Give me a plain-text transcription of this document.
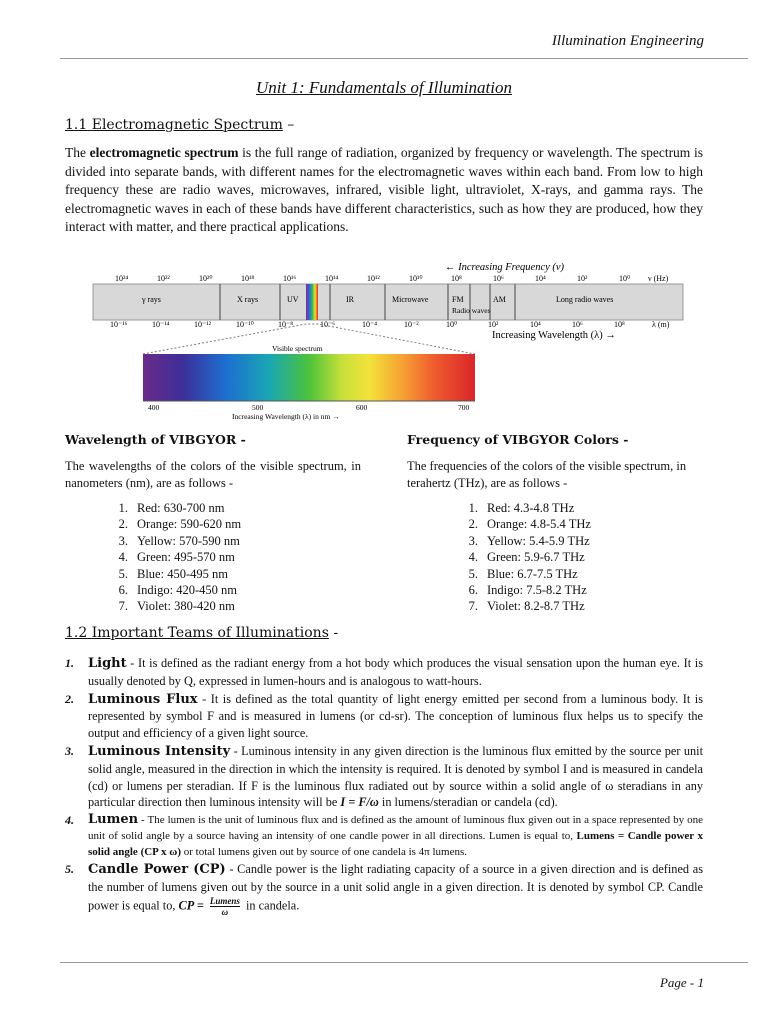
Illumination Engineering
Unit 1: Fundamentals of Illumination
1.1 Electromagnetic Spectrum –
The electromagnetic spectrum is the full range of radiation, organized by frequency or wavelength. The spectrum is divided into separate bands, with different names for the electromagnetic waves within each band. From low to high frequency these are radio waves, microwaves, infrared, visible light, ultraviolet, X-rays, and gamma rays. The electromagnetic waves in each of these bands have different characteristics, such as how they are produced, how they interact with matter, and there practical applications.
← Increasing Frequency (ν)
10²⁴	10²²	10²⁰	10¹⁸	10¹⁶	10¹⁴	10¹²	10¹⁰	10⁸	10⁶	10⁴	10²	10⁰ ν (Hz)
γ rays	X rays	UV	IR	Microwave	FM	AM	Long radio waves
Radio waves
10⁻¹⁶	10⁻¹⁴	10⁻¹²	10⁻¹⁰	10⁻⁸	10⁻⁶	10⁻⁴	10⁻²	10⁰	10²	10⁴	10⁶	10⁸	λ (m)
Increasing Wavelength (λ) →
Visible spectrum
400	500	600	700
Increasing Wavelength (λ) in nm →
Wavelength of VIBGYOR -
The wavelengths of the colors of the visible spectrum, in nanometers (nm), are as follows -
1. Red: 630-700 nm
2. Orange: 590-620 nm
3. Yellow: 570-590 nm
4. Green: 495-570 nm
5. Blue: 450-495 nm
6. Indigo: 420-450 nm
7. Violet: 380-420 nm
Frequency of VIBGYOR Colors -
The frequencies of the colors of the visible spectrum, in terahertz (THz), are as follows -
1. Red: 4.3-4.8 THz
2. Orange: 4.8-5.4 THz
3. Yellow: 5.4-5.9 THz
4. Green: 5.9-6.7 THz
5. Blue: 6.7-7.5 THz
6. Indigo: 7.5-8.2 THz
7. Violet: 8.2-8.7 THz
1.2 Important Teams of Illuminations -
1. Light - It is defined as the radiant energy from a hot body which produces the visual sensation upon the human eye. It is usually denoted by Q, expressed in lumen-hours and is analogous to watt-hours.
2. Luminous Flux - It is defined as the total quantity of light energy emitted per second from a luminous body. It is represented by symbol F and is measured in lumens (or cd-sr). The conception of luminous flux helps us to specify the output and efficiency of a given light source.
3. Luminous Intensity - Luminous intensity in any given direction is the luminous flux emitted by the source per unit solid angle, measured in the direction in which the intensity is required. It is denoted by symbol I and is measured in candela (cd) or lumens per steradian. If F is the luminous flux radiated out by source within a solid angle of ω steradians in any particular direction then luminous intensity will be I = F/ω in lumens/steradian or candela (cd).
4. Lumen - The lumen is the unit of luminous flux and is defined as the amount of luminous flux given out in a space represented by one unit of solid angle by a source having an intensity of one candle power in all directions. Lumen is equal to, Lumens = Candle power x solid angle (CP x ω) or total lumens given out by source of one candela is 4π lumens.
5. Candle Power (CP) - Candle power is the light radiating capacity of a source in a given direction and is defined as the number of lumens given out by the source in a unit solid angle in a given direction. It is denoted by symbol CP. Candle power is equal to, CP = Lumens
ω	in candela.
Page - 1
